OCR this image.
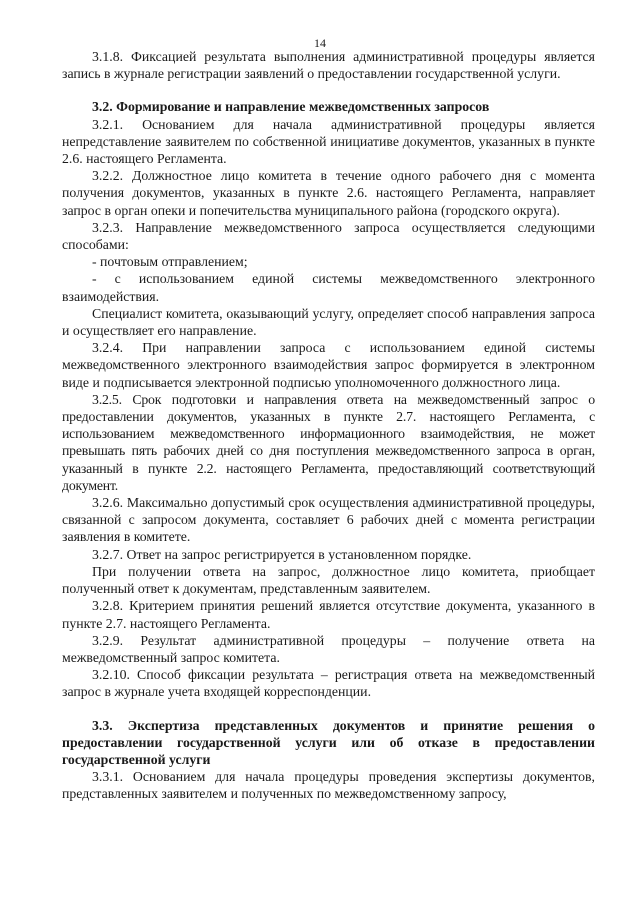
14

3.1.8. Фиксацией результата выполнения административной процедуры является запись в журнале регистрации заявлений о предоставлении государственной услуги.

3.2. Формирование и направление межведомственных запросов

3.2.1. Основанием для начала административной процедуры является непредставление заявителем по собственной инициативе документов, указанных в пункте 2.6. настоящего Регламента.

3.2.2. Должностное лицо комитета в течение одного рабочего дня с момента получения документов, указанных в пункте 2.6. настоящего Регламента, направляет запрос в орган опеки и попечительства муниципального района (городского округа).

3.2.3. Направление межведомственного запроса осуществляется следующими способами:

- почтовым отправлением;

- с использованием единой системы межведомственного электронного взаимодействия.

Специалист комитета, оказывающий услугу, определяет способ направления запроса и осуществляет его направление.

3.2.4. При направлении запроса с использованием единой системы межведомственного электронного взаимодействия запрос формируется в электронном виде и подписывается электронной подписью уполномоченного должностного лица.

3.2.5. Срок подготовки и направления ответа на межведомственный запрос о предоставлении документов, указанных в пункте 2.7. настоящего Регламента, с использованием межведомственного информационного взаимодействия, не может превышать пять рабочих дней со дня поступления межведомственного запроса в орган, указанный в пункте 2.2. настоящего Регламента, предоставляющий соответствующий документ.

3.2.6. Максимально допустимый срок осуществления административной процедуры, связанной с запросом документа, составляет 6 рабочих дней с момента регистрации заявления в комитете.

3.2.7. Ответ на запрос регистрируется в установленном порядке.

При получении ответа на запрос, должностное лицо комитета, приобщает полученный ответ к документам, представленным заявителем.

3.2.8. Критерием принятия решений является отсутствие документа, указанного в пункте 2.7. настоящего Регламента.

3.2.9. Результат административной процедуры – получение ответа на межведомственный запрос комитета.

3.2.10. Способ фиксации результата – регистрация ответа на межведомственный запрос в журнале учета входящей корреспонденции.

3.3. Экспертиза представленных документов и принятие решения о предоставлении государственной услуги или об отказе в предоставлении государственной услуги

3.3.1. Основанием для начала процедуры проведения экспертизы документов, представленных заявителем и полученных по межведомственному запросу,
